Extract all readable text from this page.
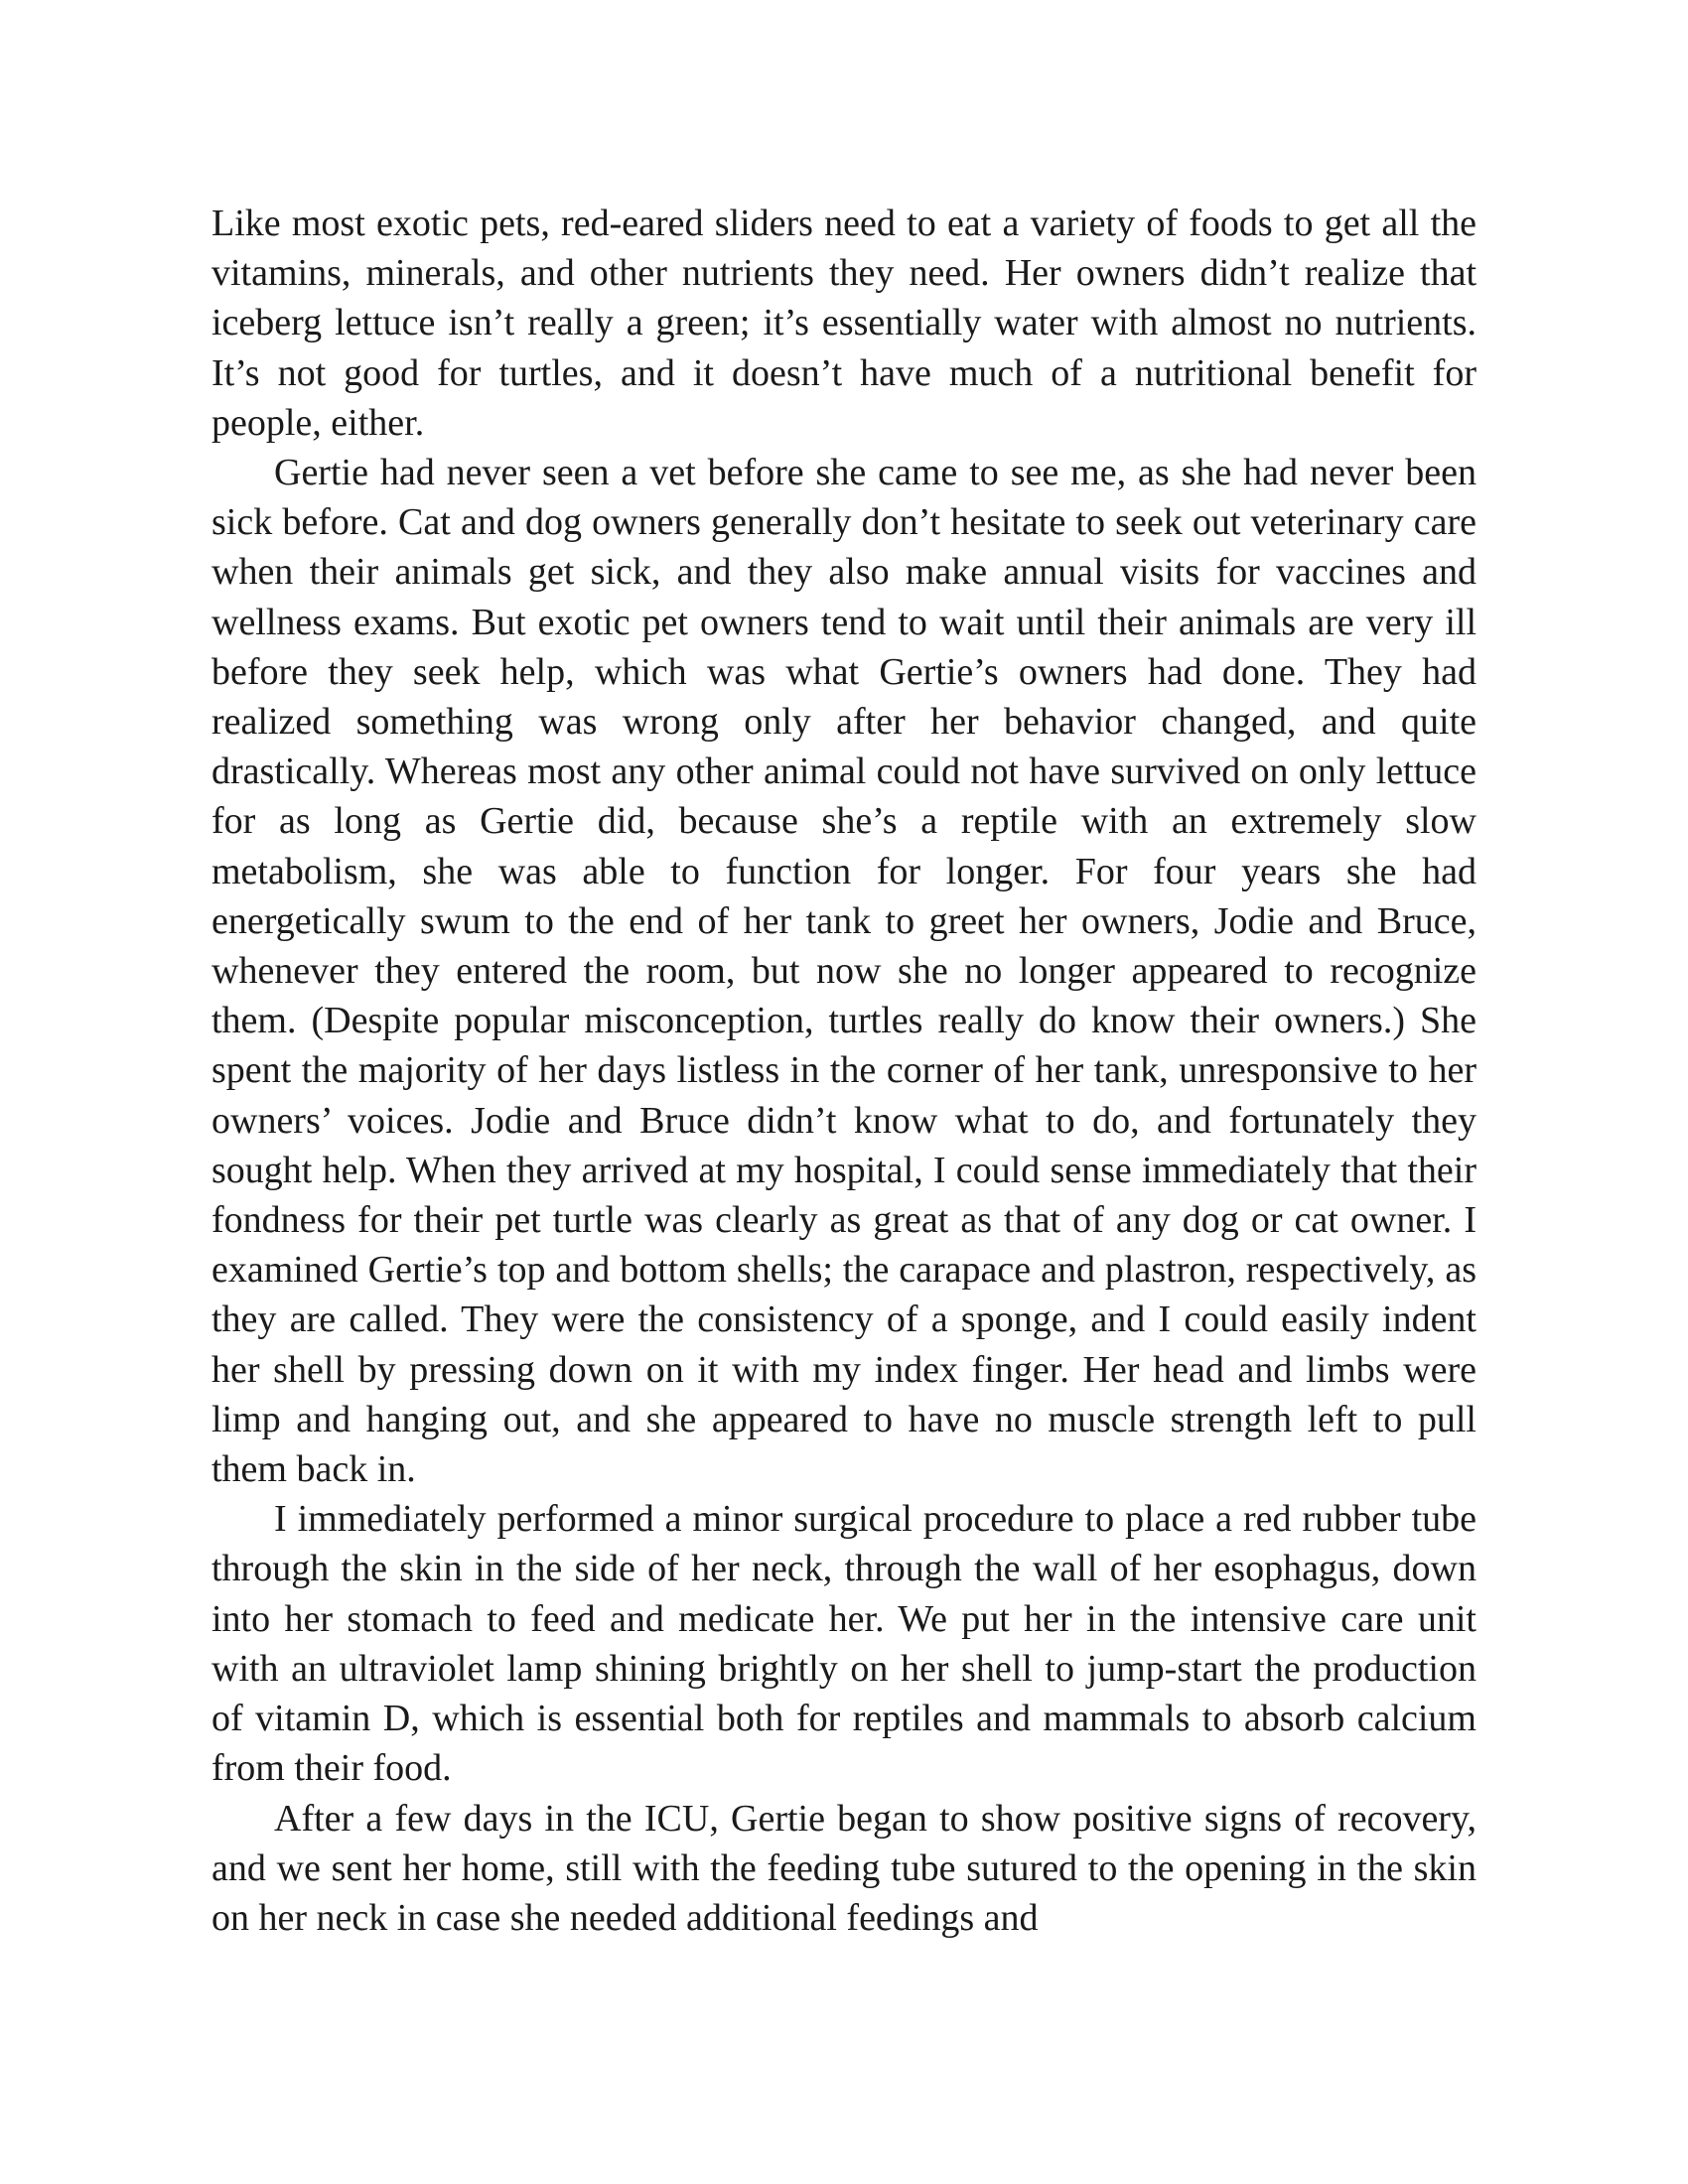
Like most exotic pets, red-eared sliders need to eat a variety of foods to get all the vitamins, minerals, and other nutrients they need. Her owners didn’t realize that iceberg lettuce isn’t really a green; it’s essentially water with almost no nutrients. It’s not good for turtles, and it doesn’t have much of a nutritional benefit for people, either.

Gertie had never seen a vet before she came to see me, as she had never been sick before. Cat and dog owners generally don’t hesitate to seek out veterinary care when their animals get sick, and they also make annual visits for vaccines and wellness exams. But exotic pet owners tend to wait until their animals are very ill before they seek help, which was what Gertie’s owners had done. They had realized something was wrong only after her behavior changed, and quite drastically. Whereas most any other animal could not have survived on only lettuce for as long as Gertie did, because she’s a reptile with an extremely slow metabolism, she was able to function for longer. For four years she had energetically swum to the end of her tank to greet her owners, Jodie and Bruce, whenever they entered the room, but now she no longer appeared to recognize them. (Despite popular misconception, turtles really do know their owners.) She spent the majority of her days listless in the corner of her tank, unresponsive to her owners’ voices. Jodie and Bruce didn’t know what to do, and fortunately they sought help. When they arrived at my hospital, I could sense immediately that their fondness for their pet turtle was clearly as great as that of any dog or cat owner. I examined Gertie’s top and bottom shells; the carapace and plastron, respectively, as they are called. They were the consistency of a sponge, and I could easily indent her shell by pressing down on it with my index finger. Her head and limbs were limp and hanging out, and she appeared to have no muscle strength left to pull them back in.

I immediately performed a minor surgical procedure to place a red rubber tube through the skin in the side of her neck, through the wall of her esophagus, down into her stomach to feed and medicate her. We put her in the intensive care unit with an ultraviolet lamp shining brightly on her shell to jump-start the production of vitamin D, which is essential both for reptiles and mammals to absorb calcium from their food.

After a few days in the ICU, Gertie began to show positive signs of recovery, and we sent her home, still with the feeding tube sutured to the opening in the skin on her neck in case she needed additional feedings and
